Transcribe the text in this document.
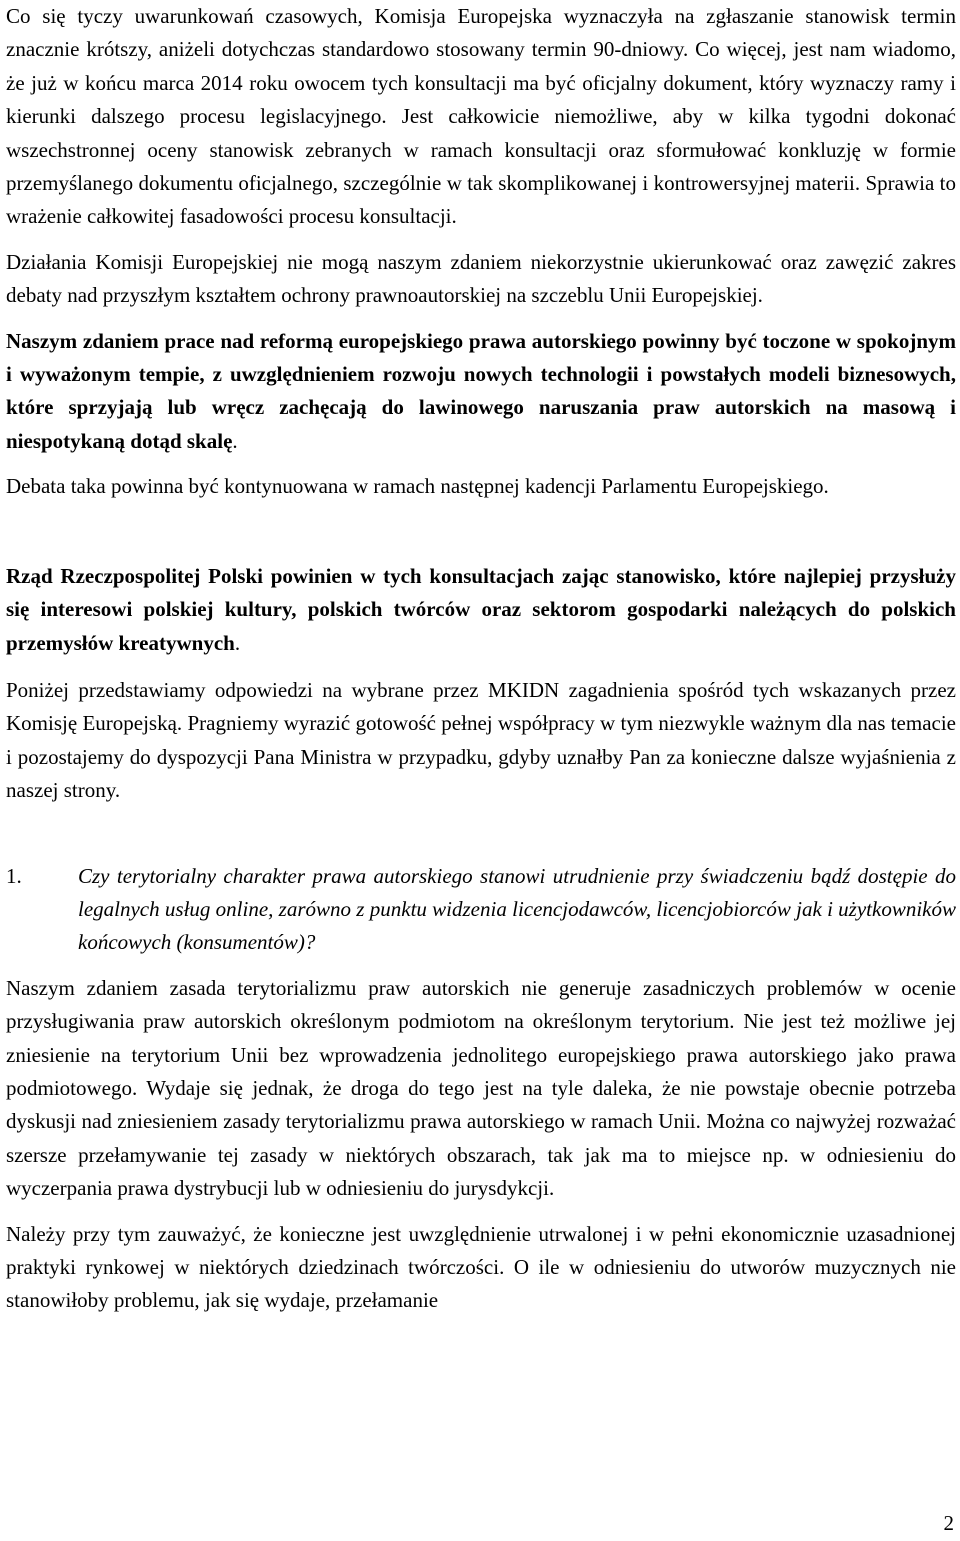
Co się tyczy uwarunkowań czasowych, Komisja Europejska wyznaczyła na zgłaszanie stanowisk termin znacznie krótszy, aniżeli dotychczas standardowo stosowany termin 90-dniowy. Co więcej, jest nam wiadomo, że już w końcu marca 2014 roku owocem tych konsultacji ma być oficjalny dokument, który wyznaczy ramy i kierunki dalszego procesu legislacyjnego. Jest całkowicie niemożliwe, aby w kilka tygodni dokonać wszechstronnej oceny stanowisk zebranych w ramach konsultacji oraz sformułować konkluzję w formie przemyślanego dokumentu oficjalnego, szczególnie w tak skomplikowanej i kontrowersyjnej materii. Sprawia to wrażenie całkowitej fasadowości procesu konsultacji.

Działania Komisji Europejskiej nie mogą naszym zdaniem niekorzystnie ukierunkować oraz zawęzić zakres debaty nad przyszłym kształtem ochrony prawnoautorskiej na szczeblu Unii Europejskiej.

Naszym zdaniem prace nad reformą europejskiego prawa autorskiego powinny być toczone w spokojnym i wyważonym tempie, z uwzględnieniem rozwoju nowych technologii i powstałych modeli biznesowych, które sprzyjają lub wręcz zachęcają do lawinowego naruszania praw autorskich na masową i niespotykaną dotąd skalę.

Debata taka powinna być kontynuowana w ramach następnej kadencji Parlamentu Europejskiego.

Rząd Rzeczpospolitej Polski powinien w tych konsultacjach zając stanowisko, które najlepiej przysłuży się interesowi polskiej kultury, polskich twórców oraz sektorom gospodarki należących do polskich przemysłów kreatywnych.

Poniżej przedstawiamy odpowiedzi na wybrane przez MKIDN zagadnienia spośród tych wskazanych przez Komisję Europejską. Pragniemy wyrazić gotowość pełnej współpracy w tym niezwykle ważnym dla nas temacie i pozostajemy do dyspozycji Pana Ministra w przypadku, gdyby uznałby Pan za konieczne dalsze wyjaśnienia z naszej strony.

1.	Czy terytorialny charakter prawa autorskiego stanowi utrudnienie przy świadczeniu bądź dostępie do legalnych usług online, zarówno z punktu widzenia licencjodawców, licencjobiorców jak i użytkowników końcowych (konsumentów)?

Naszym zdaniem zasada terytorializmu praw autorskich nie generuje zasadniczych problemów w ocenie przysługiwania praw autorskich określonym podmiotom na określonym terytorium. Nie jest też możliwe jej zniesienie na terytorium Unii bez wprowadzenia jednolitego europejskiego prawa autorskiego jako prawa podmiotowego. Wydaje się jednak, że droga do tego jest na tyle daleka, że nie powstaje obecnie potrzeba dyskusji nad zniesieniem zasady terytorializmu prawa autorskiego w ramach Unii. Można co najwyżej rozważać szersze przełamywanie tej zasady w niektórych obszarach, tak jak ma to miejsce np. w odniesieniu do wyczerpania prawa dystrybucji lub w odniesieniu do jurysdykcji.

Należy przy tym zauważyć, że konieczne jest uwzględnienie utrwalonej i w pełni ekonomicznie uzasadnionej praktyki rynkowej w niektórych dziedzinach twórczości. O ile w odniesieniu do utworów muzycznych nie stanowiłoby problemu, jak się wydaje, przełamanie

2
